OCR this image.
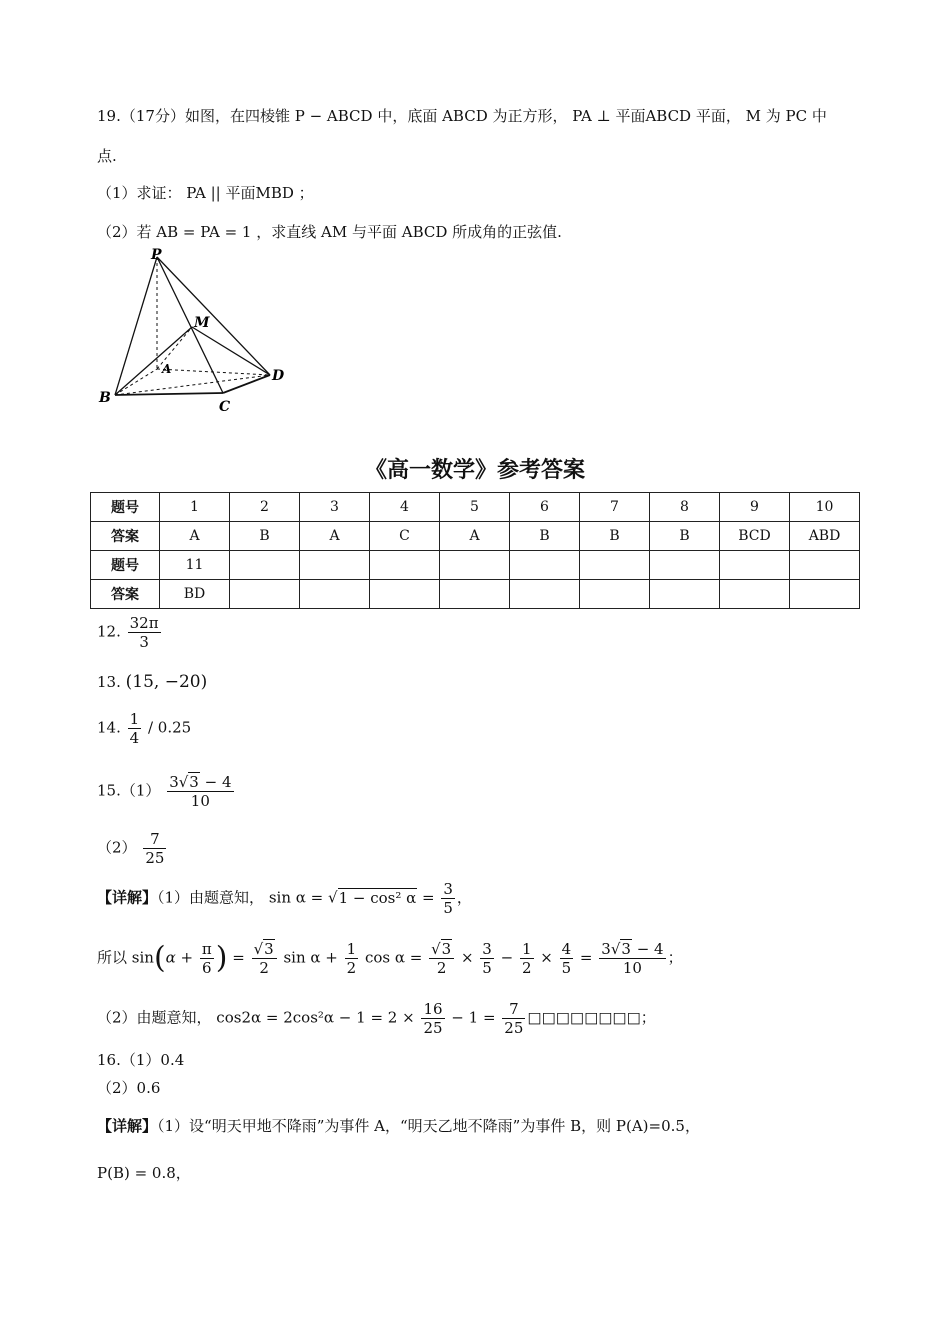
19.（17分）如图，在四棱锥 P − ABCD 中，底面 ABCD 为正方形， PA ⊥ 平面ABCD 平面， M 为 PC 中
点.
（1）求证： PA || 平面MBD ；
（2）若 AB = PA = 1 ，求直线 AM 与平面 ABCD 所成角的正弦值.
P
M
A
B
C
D
《高一数学》参考答案
题号	1	2	3	4	5	6	7	8	9	10
答案	A	B	A	C	A	B	B	B	BCD	ABD
题号	11									
答案	BD									
12. $\frac{32\pi}{3}$
13. (15, −20)
14. $\frac{1}{4} / 0.25$
$15.(1) \frac{3√3 - 4}{10}$
$(2) \frac{7}{25}$
【详解】（1）由题意知， sin α = √1 − cos² $\alpha = \frac{3}{5}$ ，
所以 $\sin(\alpha + \frac{\pi}{6}$ ) = $\frac{√3}{2}$ $\sin \alpha + \frac{1}{2}$ $\cos \alpha = \frac{√3}{2} \times \frac{3}{5} - \frac{1}{2} \times \frac{4}{5} = \frac{3√3 - 4}{10}$ ；
（2）由题意知， $\cos 2\alpha = 2\cos^2\alpha - 1 = 2 \times \frac{16}{25} - 1 = \frac{7}{25}$ □□□□□□□□；
16.（1）0.4
（2）0.6
【详解】（1）设“明天甲地不降雨”为事件 A，“明天乙地不降雨”为事件 B，则 P(A)=0.5，
P(B) = 0.8，
